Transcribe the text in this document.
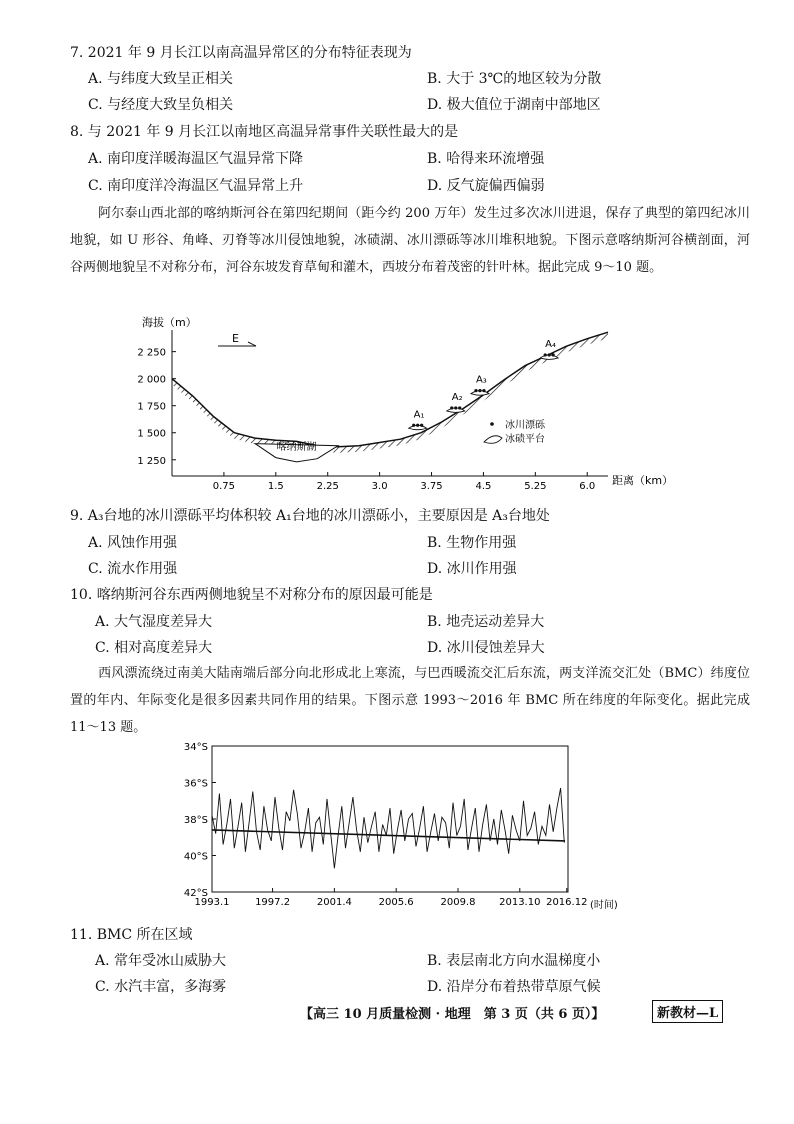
7. 2021 年 9 月长江以南高温异常区的分布特征表现为
A. 与纬度大致呈正相关	B. 大于 3℃的地区较为分散
C. 与经度大致呈负相关	D. 极大值位于湖南中部地区
8. 与 2021 年 9 月长江以南地区高温异常事件关联性最大的是
A. 南印度洋暖海温区气温异常下降	B. 哈得来环流增强
C. 南印度洋冷海温区气温异常上升	D. 反气旋偏西偏弱
阿尔泰山西北部的喀纳斯河谷在第四纪期间（距今约 200 万年）发生过多次冰川进退，保存了典型的第四纪冰川地貌，如 U 形谷、角峰、刃脊等冰川侵蚀地貌，冰碛湖、冰川漂砾等冰川堆积地貌。下图示意喀纳斯河谷横剖面，河谷两侧地貌呈不对称分布，河谷东坡发育草甸和灌木，西坡分布着茂密的针叶林。据此完成 9～10 题。
海拔（m）
距离（km）
1 250
1 500
1 750
2 000
2 250
0.75	1.5	2.25	3.0	3.75	4.5	5.25	6.0
喀纳斯湖
A₁
A₂
A₃
A₄
E
冰川漂砾
冰碛平台
9. A₃台地的冰川漂砾平均体积较 A₁台地的冰川漂砾小，主要原因是 A₃台地处
A. 风蚀作用强	B. 生物作用强
C. 流水作用强	D. 冰川作用强
10. 喀纳斯河谷东西两侧地貌呈不对称分布的原因最可能是
A. 大气湿度差异大	B. 地壳运动差异大
C. 相对高度差异大	D. 冰川侵蚀差异大
西风漂流绕过南美大陆南端后部分向北形成北上寒流，与巴西暖流交汇后东流，两支洋流交汇处（BMC）纬度位置的年内、年际变化是很多因素共同作用的结果。下图示意 1993～2016 年 BMC 所在纬度的年际变化。据此完成 11～13 题。
34°S
36°S
38°S
40°S
42°S
1993.1	1997.2	2001.4	2005.6	2009.8 2013.10 2016.12 (时间)
11. BMC 所在区域
A. 常年受冰山威胁大	B. 表层南北方向水温梯度小
C. 水汽丰富，多海雾	D. 沿岸分布着热带草原气候
【高三 10 月质量检测 · 地理　第 3 页（共 6 页）】	新教材—L
